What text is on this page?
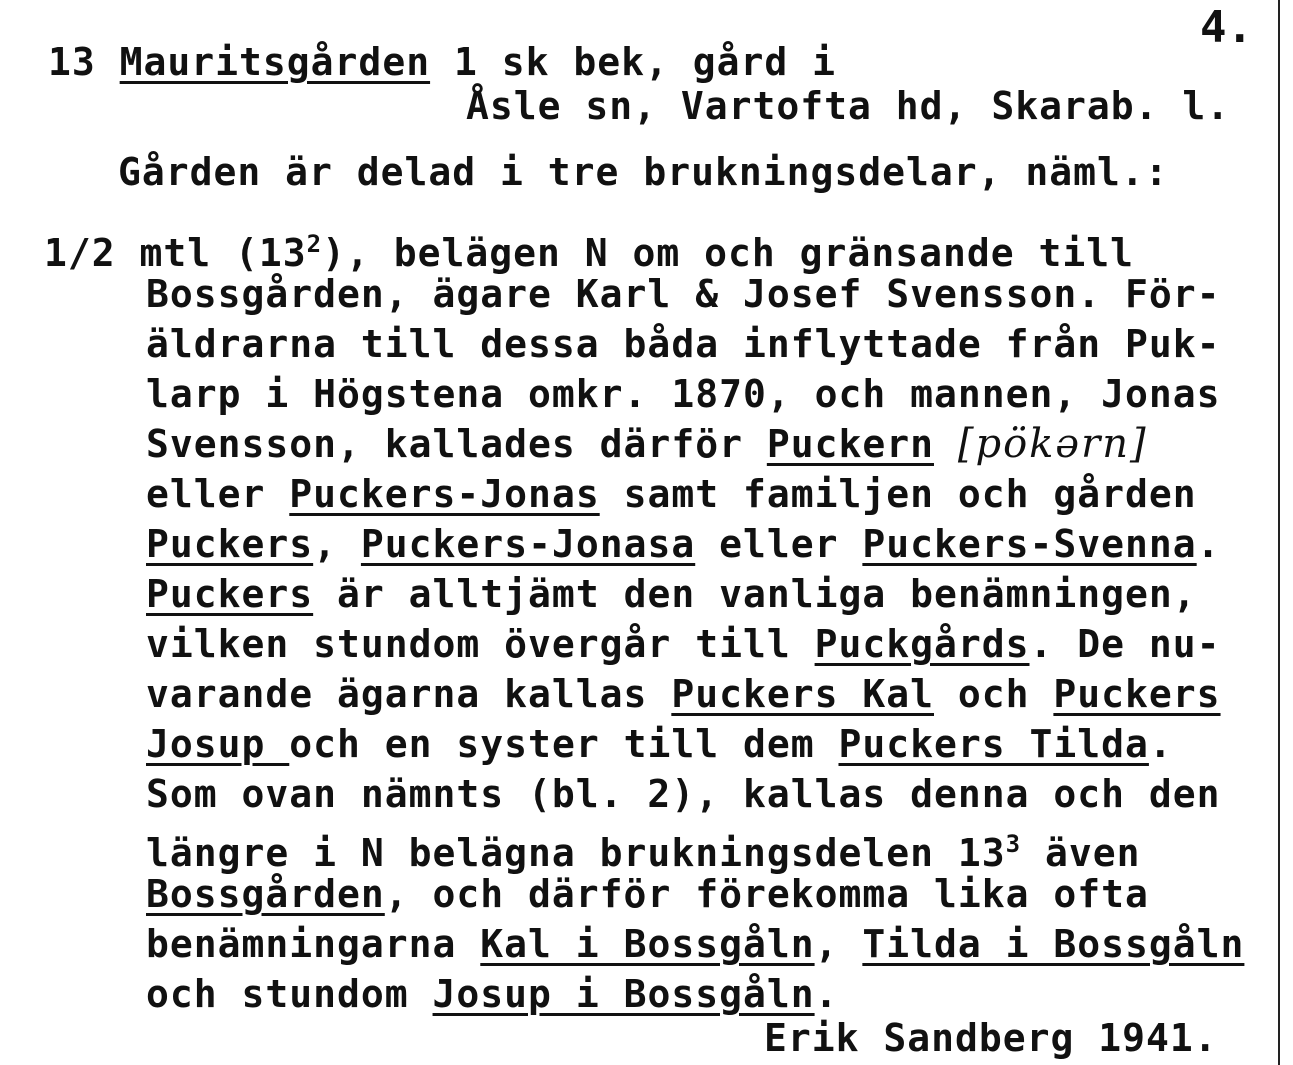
4.
13 Mauritsgården 1 sk bek, gård i
Åsle sn, Vartofta hd, Skarab. l.
Gården är delad i tre brukningsdelar, näml.:
1/2 mtl $(13^2)$, belägen N om och gränsande till
Bossgården, ägare Karl & Josef Svensson. För-
äldrarna till dessa båda inflyttade från Puk-
larp i Högstena omkr. 1870, och mannen, Jonas
Svensson, kallades därför Puckern [pökərn]
eller Puckers-Jonas samt familjen och gården
Puckers, Puckers-Jonasa eller Puckers-Svenna.
Puckers är alltjämt den vanliga benämningen,
vilken stundom övergår till Puckgårds. De nu-
varande ägarna kallas Puckers Kal och Puckers
Josup och en syster till dem Puckers Tilda.
Som ovan nämnts (bl. 2), kallas denna och den
längre i N belägna brukningsdelen $13^3$ även
Bossgården, och därför förekomma lika ofta
benämningarna Kal i Bossgåln, Tilda i Bossgåln
och stundom Josup i Bossgåln.
Erik Sandberg 1941.
